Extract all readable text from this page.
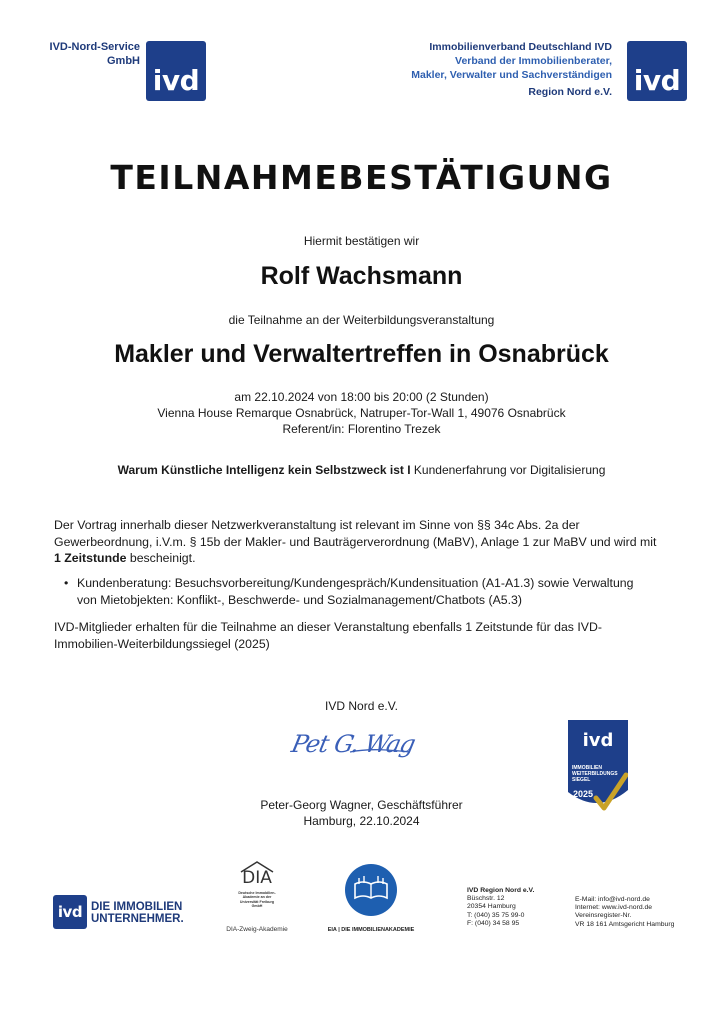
IVD-Nord-Service
GmbH
ivd
Immobilienverband Deutschland IVD
Verband der Immobilienberater,
Makler, Verwalter und Sachverständigen
Region Nord e.V. ivd
TEILNAHMEBESTÄTIGUNG
Hiermit bestätigen wir
Rolf Wachsmann
die Teilnahme an der Weiterbildungsveranstaltung
Makler und Verwaltertreffen in Osnabrück
am 22.10.2024 von 18:00 bis 20:00 (2 Stunden)
Vienna House Remarque Osnabrück, Natruper-Tor-Wall 1, 49076 Osnabrück
Referent/in: Florentino Trezek
Warum Künstliche Intelligenz kein Selbstzweck ist I Kundenerfahrung vor Digitalisierung
Der Vortrag innerhalb dieser Netzwerkveranstaltung ist relevant im Sinne von §§ 34c Abs. 2a der Gewerbeordnung, i.V.m. § 15b der Makler- und Bauträgerverordnung (MaBV), Anlage 1 zur MaBV und wird mit 1 Zeitstunde bescheinigt.
• Kundenberatung: Besuchsvorbereitung/Kundengespräch/Kundensituation (A1-A1.3) sowie Verwaltung von Mietobjekten: Konflikt-, Beschwerde- und Sozialmanagement/Chatbots (A5.3)
IVD-Mitglieder erhalten für die Teilnahme an dieser Veranstaltung ebenfalls 1 Zeitstunde für das IVD-Immobilien-Weiterbildungssiegel (2025)
IVD Nord e.V.
Pet G. Wag
Peter-Georg Wagner, Geschäftsführer
Hamburg, 22.10.2024
ivd
IMMOBILIEN
WEITERBILDUNGS
SIEGEL
2025
ivd DIE IMMOBILIEN
UNTERNEHMER.
DIA
Deutsche Immobilien-Akademie an der Universität Freiburg GmbH
DIA-Zweig-Akademie	EIA | DIE IMMOBILIENAKADEMIE
IVD Region Nord e.V.
Büschstr. 12
20354 Hamburg
T: (040) 35 75 99-0
F: (040) 34 58 95
E-Mail: info@ivd-nord.de
Internet: www.ivd-nord.de
Vereinsregister-Nr.
VR 18 161 Amtsgericht Hamburg
